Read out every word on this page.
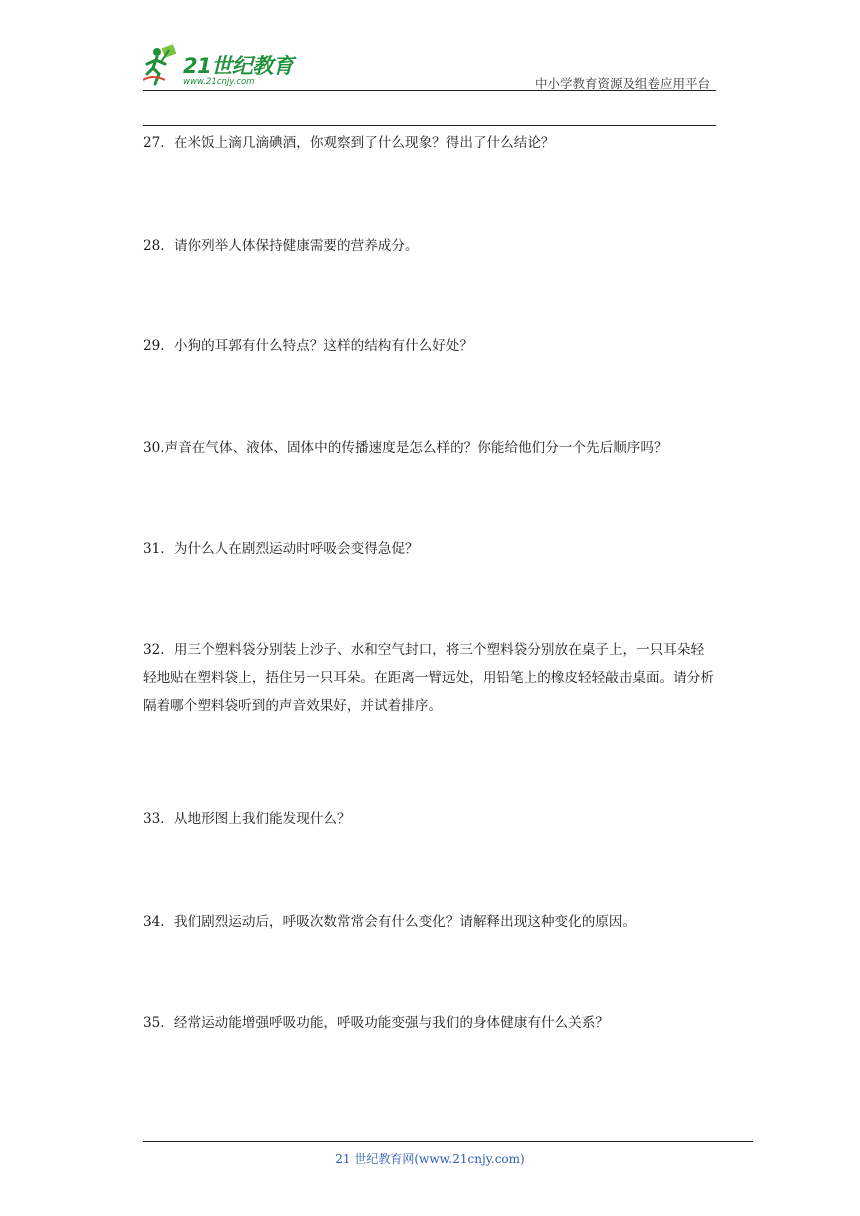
21世纪教育
www.21cnjy.com	中小学教育资源及组卷应用平台
27．在米饭上滴几滴碘酒，你观察到了什么现象？得出了什么结论？
28．请你列举人体保持健康需要的营养成分。
29．小狗的耳郭有什么特点？这样的结构有什么好处？
30.声音在气体、液体、固体中的传播速度是怎么样的？你能给他们分一个先后顺序吗？
31．为什么人在剧烈运动时呼吸会变得急促？
32．用三个塑料袋分别装上沙子、水和空气封口，将三个塑料袋分别放在桌子上，一只耳朵轻轻地贴在塑料袋上，捂住另一只耳朵。在距离一臂远处，用铅笔上的橡皮轻轻敲击桌面。请分析隔着哪个塑料袋听到的声音效果好，并试着排序。
33．从地形图上我们能发现什么？
34．我们剧烈运动后，呼吸次数常常会有什么变化？请解释出现这种变化的原因。
35．经常运动能增强呼吸功能，呼吸功能变强与我们的身体健康有什么关系？
21 世纪教育网(www.21cnjy.com)
